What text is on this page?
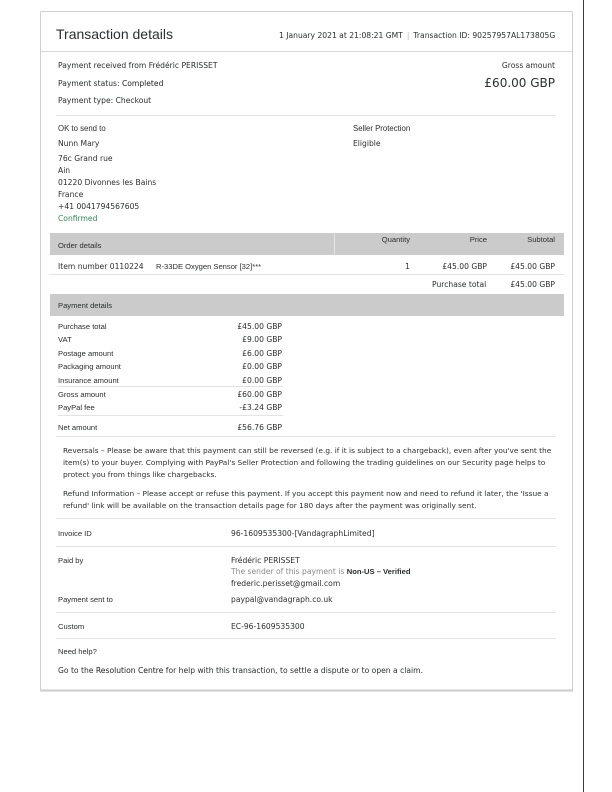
Transaction details	1 January 2021 at 21:08:21 GMT | Transaction ID: 90257957AL173805G
Payment received from Frédéric PERISSET
Payment status: Completed
Payment type: Checkout
Gross amount
£60.00 GBP
OK to send to
Nunn Mary
76c Grand rue
Ain
01220 Divonnes les Bains
France
+41 0041794567605
Confirmed
Seller Protection
Eligible
Order details
Quantity	Price	Subtotal
Item number 0110224 R-33DE Oxygen Sensor [32]***	1	£45.00 GBP	£45.00 GBP
Purchase total	£45.00 GBP
Payment details
Purchase total	£45.00 GBP
VAT	£9.00 GBP
Postage amount	£6.00 GBP
Packaging amount	£0.00 GBP
Insurance amount	£0.00 GBP
Gross amount	£60.00 GBP
PayPal fee	-£3.24 GBP
Net amount	£56.76 GBP
Reversals – Please be aware that this payment can still be reversed (e.g. if it is subject to a chargeback), even after you've sent the item(s) to your buyer. Complying with PayPal's Seller Protection and following the trading guidelines on our Security page helps to protect you from things like chargebacks.
Refund Information – Please accept or refuse this payment. If you accept this payment now and need to refund it later, the 'Issue a refund' link will be available on the transaction details page for 180 days after the payment was originally sent.
Invoice ID	96-1609535300-[VandagraphLimited]
Paid by	Frédéric PERISSET
The sender of this payment is Non-US – Verified
frederic.perisset@gmail.com
Payment sent to	paypal@vandagraph.co.uk
Custom	EC-96-1609535300
Need help?
Go to the Resolution Centre for help with this transaction, to settle a dispute or to open a claim.
